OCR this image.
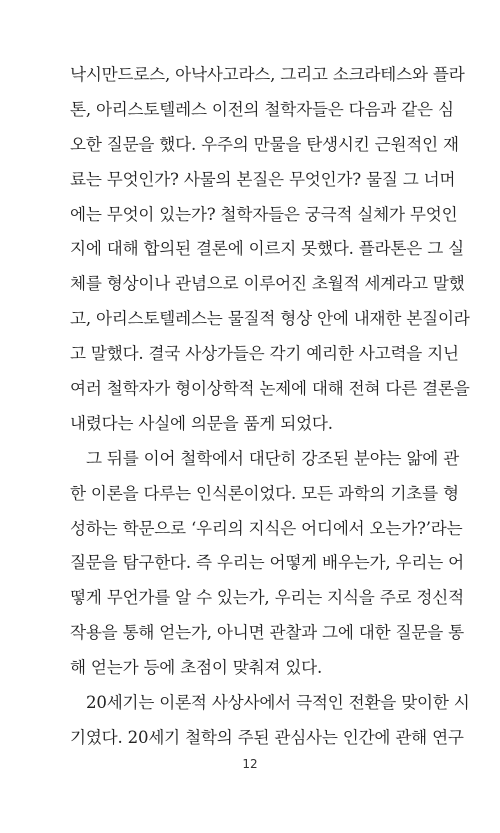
낙시만드로스, 아낙사고라스, 그리고 소크라테스와 플라
톤, 아리스토텔레스 이전의 철학자들은 다음과 같은 심
오한 질문을 했다. 우주의 만물을 탄생시킨 근원적인 재
료는 무엇인가? 사물의 본질은 무엇인가? 물질 그 너머
에는 무엇이 있는가? 철학자들은 궁극적 실체가 무엇인
지에 대해 합의된 결론에 이르지 못했다. 플라톤은 그 실
체를 형상이나 관념으로 이루어진 초월적 세계라고 말했
고, 아리스토텔레스는 물질적 형상 안에 내재한 본질이라
고 말했다. 결국 사상가들은 각기 예리한 사고력을 지닌
여러 철학자가 형이상학적 논제에 대해 전혀 다른 결론을
내렸다는 사실에 의문을 품게 되었다.
그 뒤를 이어 철학에서 대단히 강조된 분야는 앎에 관
한 이론을 다루는 인식론이었다. 모든 과학의 기초를 형
성하는 학문으로 ‘우리의 지식은 어디에서 오는가?’라는
질문을 탐구한다. 즉 우리는 어떻게 배우는가, 우리는 어
떻게 무언가를 알 수 있는가, 우리는 지식을 주로 정신적
작용을 통해 얻는가, 아니면 관찰과 그에 대한 질문을 통
해 얻는가 등에 초점이 맞춰져 있다.
20세기는 이론적 사상사에서 극적인 전환을 맞이한 시
기였다. 20세기 철학의 주된 관심사는 인간에 관해 연구
12
